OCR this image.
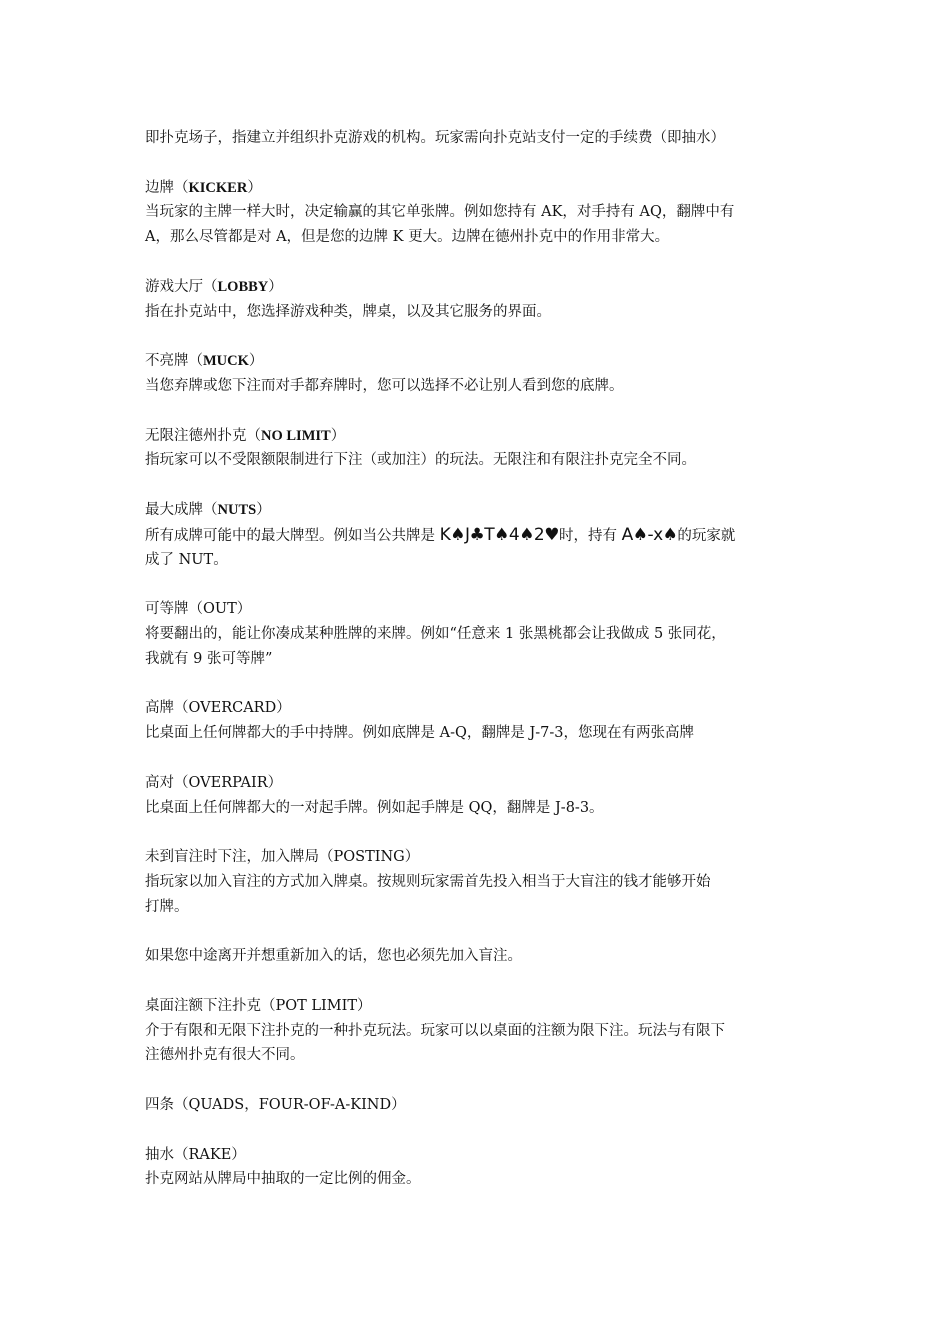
即扑克场子，指建立并组织扑克游戏的机构。玩家需向扑克站支付一定的手续费（即抽水）
边牌（KICKER）
当玩家的主牌一样大时，决定输赢的其它单张牌。例如您持有 AK，对手持有 AQ，翻牌中有
A，那么尽管都是对 A，但是您的边牌 K 更大。边牌在德州扑克中的作用非常大。
游戏大厅（LOBBY）
指在扑克站中，您选择游戏种类，牌桌，以及其它服务的界面。
不亮牌（MUCK）
当您弃牌或您下注而对手都弃牌时，您可以选择不必让别人看到您的底牌。
无限注德州扑克（NO LIMIT）
指玩家可以不受限额限制进行下注（或加注）的玩法。无限注和有限注扑克完全不同。
最大成牌（NUTS）
所有成牌可能中的最大牌型。例如当公共牌是 K♠J♣T♠4♠2♥时，持有 A♠-x♠的玩家就
成了 NUT。
可等牌（OUT）
将要翻出的，能让你凑成某种胜牌的来牌。例如“任意来 1 张黑桃都会让我做成 5 张同花，
我就有 9 张可等牌”
高牌（OVERCARD）
比桌面上任何牌都大的手中持牌。例如底牌是 A-Q，翻牌是 J-7-3，您现在有两张高牌
高对（OVERPAIR）
比桌面上任何牌都大的一对起手牌。例如起手牌是 QQ，翻牌是 J-8-3。
未到盲注时下注，加入牌局（POSTING）
指玩家以加入盲注的方式加入牌桌。按规则玩家需首先投入相当于大盲注的钱才能够开始
打牌。
如果您中途离开并想重新加入的话，您也必须先加入盲注。
桌面注额下注扑克（POT LIMIT）
介于有限和无限下注扑克的一种扑克玩法。玩家可以以桌面的注额为限下注。玩法与有限下
注德州扑克有很大不同。
四条（QUADS，FOUR-OF-A-KIND）
抽水（RAKE）
扑克网站从牌局中抽取的一定比例的佣金。
